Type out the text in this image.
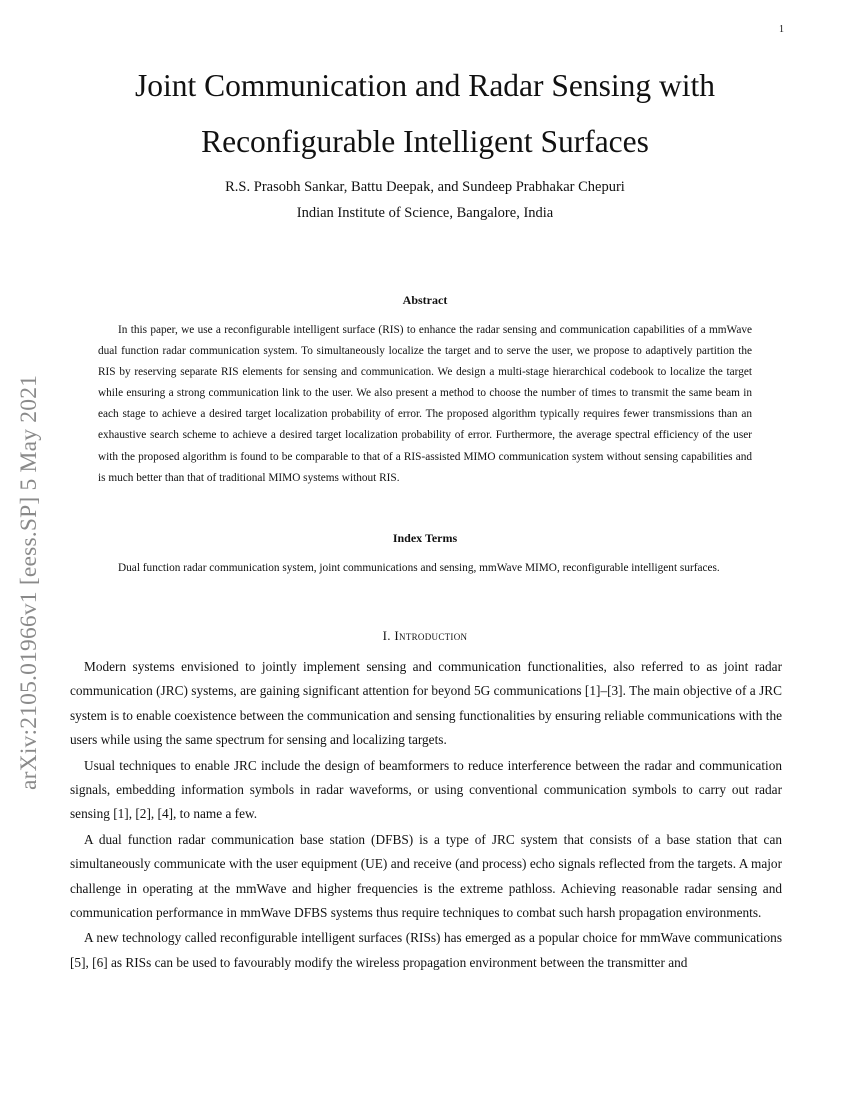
1
arXiv:2105.01966v1 [eess.SP] 5 May 2021
Joint Communication and Radar Sensing with
Reconfigurable Intelligent Surfaces
R.S. Prasobh Sankar, Battu Deepak, and Sundeep Prabhakar Chepuri
Indian Institute of Science, Bangalore, India
Abstract

In this paper, we use a reconfigurable intelligent surface (RIS) to enhance the radar sensing and communication capabilities of a mmWave dual function radar communication system. To simultaneously localize the target and to serve the user, we propose to adaptively partition the RIS by reserving separate RIS elements for sensing and communication. We design a multi-stage hierarchical codebook to localize the target while ensuring a strong communication link to the user. We also present a method to choose the number of times to transmit the same beam in each stage to achieve a desired target localization probability of error. The proposed algorithm typically requires fewer transmissions than an exhaustive search scheme to achieve a desired target localization probability of error. Furthermore, the average spectral efficiency of the user with the proposed algorithm is found to be comparable to that of a RIS-assisted MIMO communication system without sensing capabilities and is much better than that of traditional MIMO systems without RIS.

Index Terms

Dual function radar communication system, joint communications and sensing, mmWave MIMO, reconfigurable intelligent surfaces.

I. Introduction

Modern systems envisioned to jointly implement sensing and communication functionalities, also referred to as joint radar communication (JRC) systems, are gaining significant attention for beyond 5G communications [1]–[3]. The main objective of a JRC system is to enable coexistence between the communication and sensing functionalities by ensuring reliable communications with the users while using the same spectrum for sensing and localizing targets.

Usual techniques to enable JRC include the design of beamformers to reduce interference between the radar and communication signals, embedding information symbols in radar waveforms, or using conventional communication symbols to carry out radar sensing [1], [2], [4], to name a few.

A dual function radar communication base station (DFBS) is a type of JRC system that consists of a base station that can simultaneously communicate with the user equipment (UE) and receive (and process) echo signals reflected from the targets. A major challenge in operating at the mmWave and higher frequencies is the extreme pathloss. Achieving reasonable radar sensing and communication performance in mmWave DFBS systems thus require techniques to combat such harsh propagation environments.

A new technology called reconfigurable intelligent surfaces (RISs) has emerged as a popular choice for mmWave communications [5], [6] as RISs can be used to favourably modify the wireless propagation environment between the transmitter and
